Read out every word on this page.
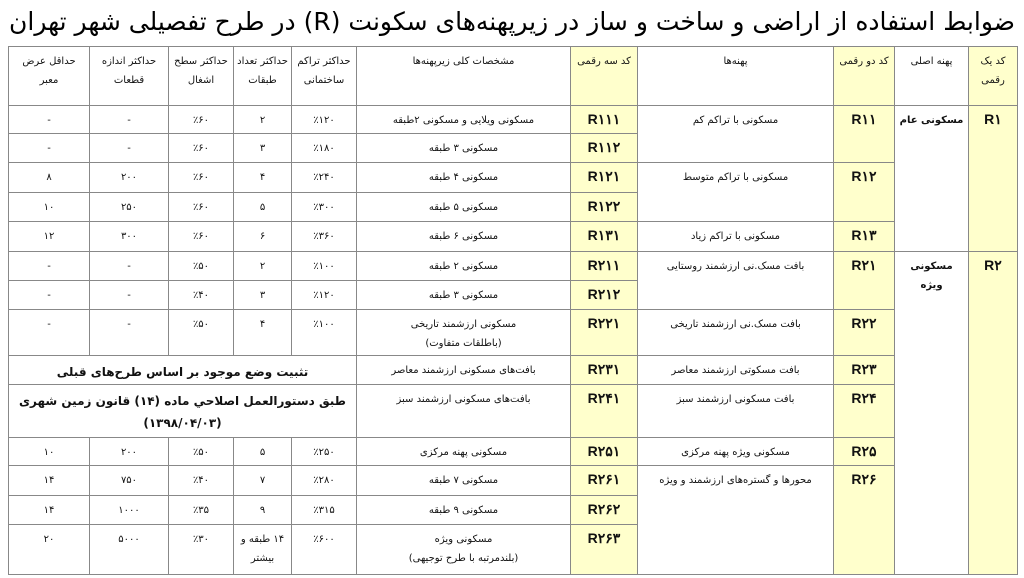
ضوابط استفاده از اراضی و ساخت و ساز در زیرپهنه‌های سکونت (R) در طرح تفصیلی شهر تهران
کد یک رقمی	پهنه اصلی	کد دو رقمی	پهنه‌ها	کد سه رقمی	مشخصات کلی زیرپهنه‌ها	حداکثر تراکم ساختمانی	حداکثر تعداد طبقات	حداکثر سطح اشغال	حداکثر اندازه قطعات	حداقل عرض معبر
R۱	مسکونی عام	R۱۱	مسکونی با تراکم کم	R۱۱۱	مسکونی ویلایی و مسکونی ۲طبقه	٪۱۲۰	۲	٪۶۰	-	-
				R۱۱۲	مسکونی ۳ طبقه	٪۱۸۰	۳	٪۶۰	-	-
		R۱۲	مسکونی با تراکم متوسط	R۱۲۱	مسکونی ۴ طبقه	٪۲۴۰	۴	٪۶۰	۲۰۰	۸
				R۱۲۲	مسکونی ۵ طبقه	٪۳۰۰	۵	٪۶۰	۲۵۰	۱۰
		R۱۳	مسکونی با تراکم زیاد	R۱۳۱	مسکونی ۶ طبقه	٪۳۶۰	۶	٪۶۰	۳۰۰	۱۲
R۲	مسکونی ویژه	R۲۱	بافت مسک.نی ارزشمند روستایی	R۲۱۱	مسکونی ۲ طبقه	٪۱۰۰	۲	٪۵۰	-	-
				R۲۱۲	مسکونی ۳ طبقه	٪۱۲۰	۳	٪۴۰	-	-
		R۲۲	بافت مسک.نی ارزشمند تاریخی	R۲۲۱	مسکونی ارزشمند تاریخی
(باطلقات متفاوت)	٪۱۰۰	۴	٪۵۰	-	-
		R۲۳	بافت مسکوتی ارزشمند معاصر	R۲۳۱	بافت‌های مسکونی ارزشمند معاصر	تثبیت وضع موجود بر اساس طرح‌های قبلی				
		R۲۴	بافت مسکونی ارزشمند سبز	R۲۴۱	بافت‌های مسکونی ارزشمند سبز	طبق دستورالعمل اصلاحي ماده (۱۴) قانون زمین شهری
(۱۳۹۸/۰۴/۰۳)				

		R۲۵	مسکونی ویژه پهنه مرکزی	R۲۵۱	مسکونی پهنه مرکزی	٪۲۵۰	۵	٪۵۰	۲۰۰	۱۰
		R۲۶	محورها و گستره‌های ارزشمند و ویژه	R۲۶۱	مسکونی ۷ طبقه	٪۲۸۰	۷	٪۴۰	۷۵۰	۱۴
				R۲۶۲	مسکونی ۹ طبقه	٪۳۱۵	۹	٪۳۵	۱۰۰۰	۱۴
				R۲۶۳	مسکونی ویژه
(بلندمرتبه با طرح توجیهی)	٪۶۰۰	۱۴ طبقه و بیشتر	٪۳۰	۵۰۰۰	۲۰
